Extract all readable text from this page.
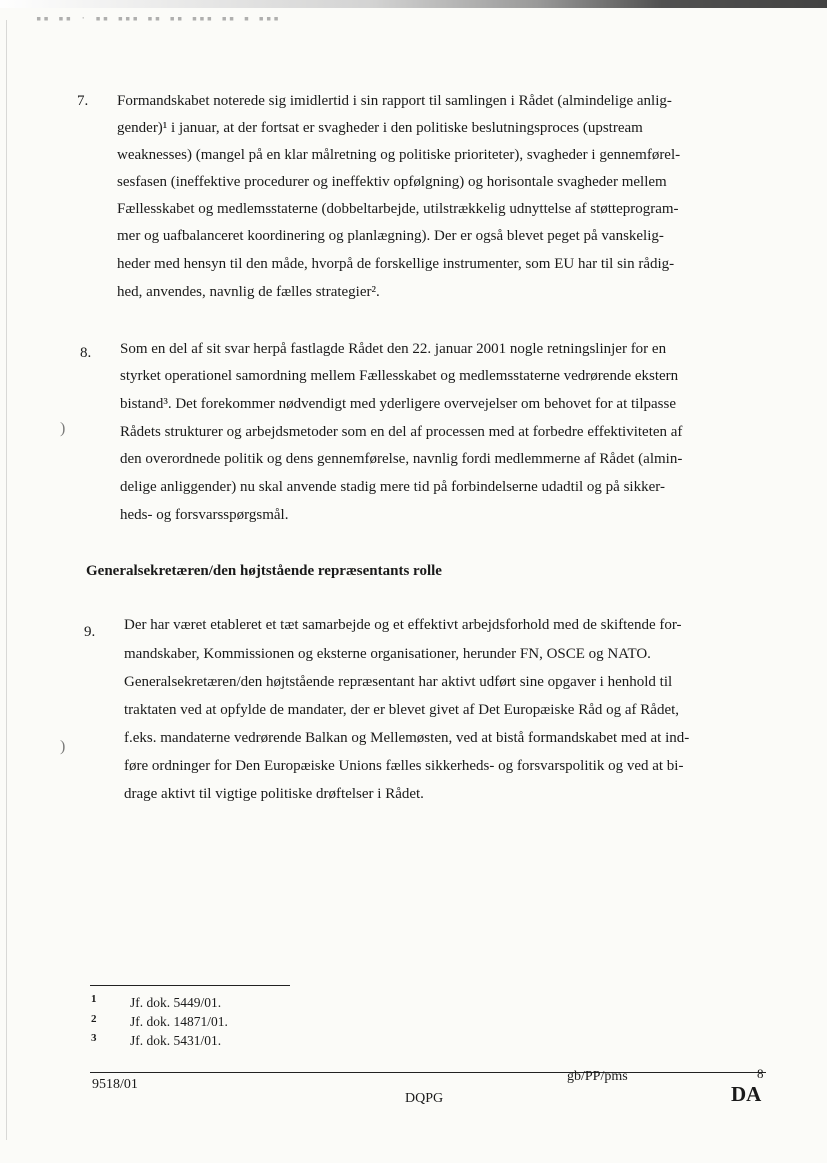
▪▪ ▪▪ · ▪▪ ▪▪▪ ▪▪ ▪▪ ▪▪▪ ▪▪ ▪ ▪▪▪
)
)
7. Formandskabet noterede sig imidlertid i sin rapport til samlingen i Rådet (almindelige anlig-
gender)¹ i januar, at der fortsat er svagheder i den politiske beslutningsproces (upstream
weaknesses) (mangel på en klar målretning og politiske prioriteter), svagheder i gennemførel-
sesfasen (ineffektive procedurer og ineffektiv opfølgning) og horisontale svagheder mellem
Fællesskabet og medlemsstaterne (dobbeltarbejde, utilstrækkelig udnyttelse af støtteprogram-
mer og uafbalanceret koordinering og planlægning). Der er også blevet peget på vanskelig-
heder med hensyn til den måde, hvorpå de forskellige instrumenter, som EU har til sin rådig-
hed, anvendes, navnlig de fælles strategier².
8. Som en del af sit svar herpå fastlagde Rådet den 22. januar 2001 nogle retningslinjer for en
styrket operationel samordning mellem Fællesskabet og medlemsstaterne vedrørende ekstern
bistand³. Det forekommer nødvendigt med yderligere overvejelser om behovet for at tilpasse
Rådets strukturer og arbejdsmetoder som en del af processen med at forbedre effektiviteten af
den overordnede politik og dens gennemførelse, navnlig fordi medlemmerne af Rådet (almin-
delige anliggender) nu skal anvende stadig mere tid på forbindelserne udadtil og på sikker-
heds- og forsvarsspørgsmål.
Generalsekretæren/den højtstående repræsentants rolle
9. Der har været etableret et tæt samarbejde og et effektivt arbejdsforhold med de skiftende for-
mandskaber, Kommissionen og eksterne organisationer, herunder FN, OSCE og NATO.
Generalsekretæren/den højtstående repræsentant har aktivt udført sine opgaver i henhold til
traktaten ved at opfylde de mandater, der er blevet givet af Det Europæiske Råd og af Rådet,
f.eks. mandaterne vedrørende Balkan og Mellemøsten, ved at bistå formandskabet med at ind-
føre ordninger for Den Europæiske Unions fælles sikkerheds- og forsvarspolitik og ved at bi-
drage aktivt til vigtige politiske drøftelser i Rådet.
1 Jf. dok. 5449/01.
2 Jf. dok. 14871/01.
3 Jf. dok. 5431/01.
9518/01
gb/PP/pms
DQPG
8
DA
